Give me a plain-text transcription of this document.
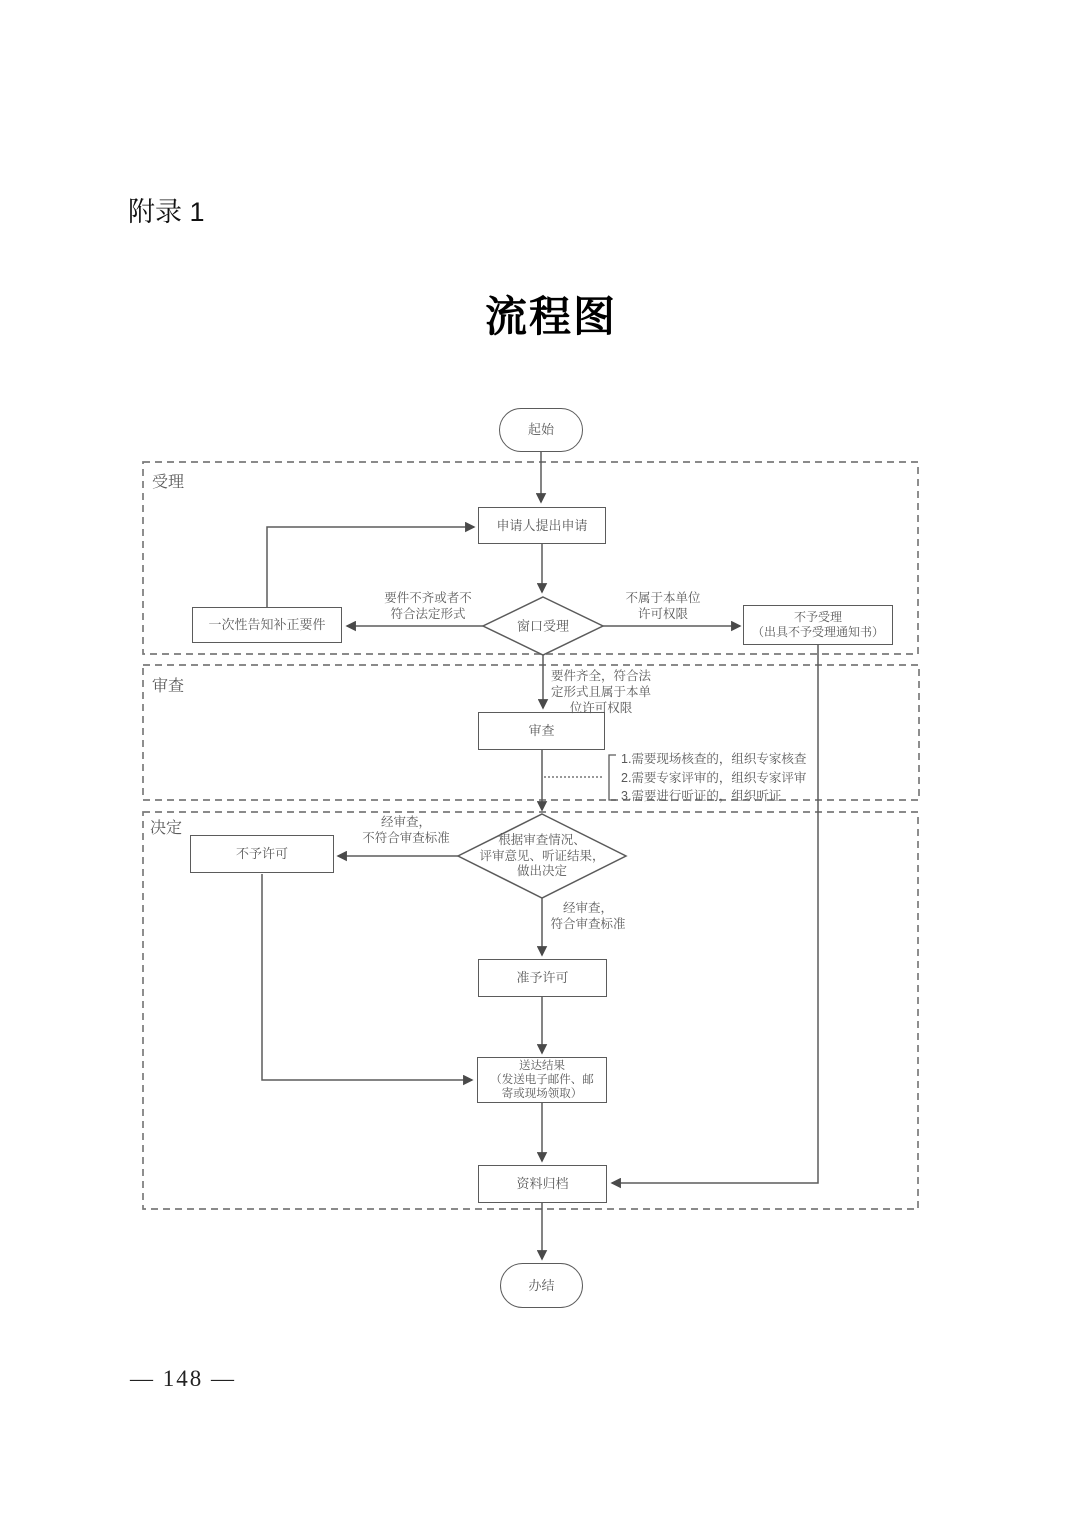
附录 1
流程图
受理
审查
决定
起始
申请人提出申请
窗口受理
一次性告知补正要件	不予受理
（出具不予受理通知书）
审查
根据审查情况、
评审意见、听证结果，
做出决定
不予许可
准予许可
送达结果
（发送电子邮件、邮
寄或现场领取）
资料归档
办结
要件不齐或者不
符合法定形式
不属于本单位
许可权限
要件齐全，符合法
定形式且属于本单
位许可权限
经审查，
不符合审查标准
经审查，
符合审查标准
1.需要现场核查的，组织专家核查
2.需要专家评审的，组织专家评审
3.需要进行听证的，组织听证
— 148 —
